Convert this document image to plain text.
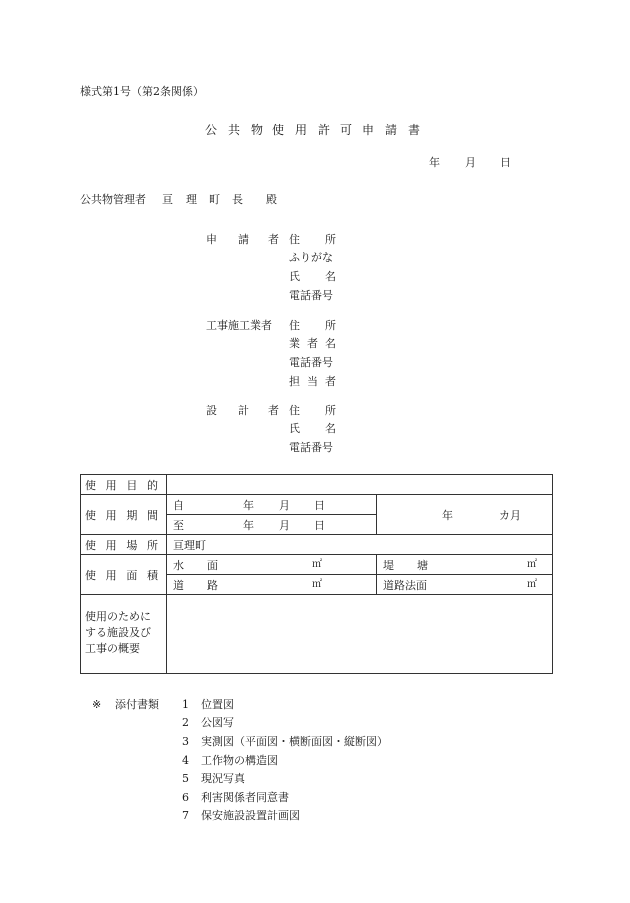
様式第1号（第2条関係）
公 共 物 使 用 許 可 申 請 書
年 月 日
公共物管理者 亘 理 町 長 殿
申 請 者 住 所
ふりがな
氏 名
電話番号
工事施工業者 住 所
業 者 名
電話番号
担 当 者
設 計 者 住 所
氏 名
電話番号
使 用 目 的		

使 用 期 間	自 年 月 日	年 カ月

	至 年 月 日	

使 用 場 所	亘理町	

使 用 面 積	水 面 ㎡	堤 塘 ㎡

	道 路 ㎡	道路法面 ㎡

使用のために
する施設及び
工事の概要		

※ 添付書類 1 位置図
2 公図写
3 実測図（平面図・横断面図・縦断図）
4 工作物の構造図
5 現況写真
6 利害関係者同意書
7 保安施設設置計画図
